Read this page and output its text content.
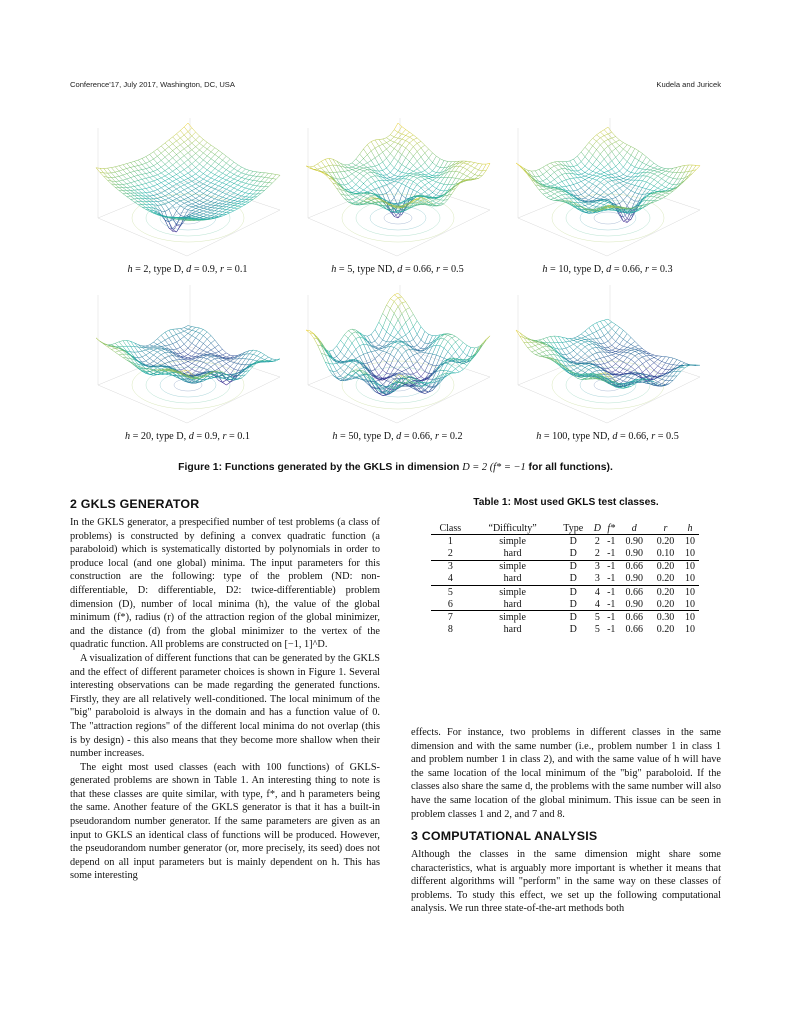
Conference'17, July 2017, Washington, DC, USA	Kudela and Juricek
h = 2, type D, d = 0.9, r = 0.1	h = 5, type ND, d = 0.66, r = 0.5	h = 10, type D, d = 0.66, r = 0.3
h = 20, type D, d = 0.9, r = 0.1	h = 50, type D, d = 0.66, r = 0.2	h = 100, type ND, d = 0.66, r = 0.5
Figure 1: Functions generated by the GKLS in dimension D = 2 (f* = −1 for all functions).
2 GKLS GENERATOR

In the GKLS generator, a prespecified number of test problems (a class of problems) is constructed by defining a convex quadratic function (a paraboloid) which is systematically distorted by polynomials in order to produce local (and one global) minima. The input parameters for this construction are the following: type of the problem (ND: non-differentiable, D: differentiable, D2: twice-differentiable) problem dimension (D), number of local minima (h), the value of the global minimum (f*), radius (r) of the attraction region of the global minimizer, and the distance (d) from the global minimizer to the vertex of the quadratic function. All problems are constructed on [−1, 1]^D.

A visualization of different functions that can be generated by the GKLS and the effect of different parameter choices is shown in Figure 1. Several interesting observations can be made regarding the generated functions. Firstly, they are all relatively well-conditioned. The local minimum of the "big" paraboloid is always in the domain and has a function value of 0. The "attraction regions" of the different local minima do not overlap (this is by design) - this also means that they become more shallow when their number increases.

The eight most used classes (each with 100 functions) of GKLS-generated problems are shown in Table 1. An interesting thing to note is that these classes are quite similar, with type, f*, and h parameters being the same. Another feature of the GKLS generator is that it has a built-in pseudorandom number generator. If the same parameters are given as an input to GKLS an identical class of functions will be produced. However, the pseudorandom number generator (or, more precisely, its seed) does not depend on all input parameters but is mainly dependent on h. This has some interesting

Table 1: Most used GKLS test classes.
Class	“Difficulty”	Type	D	f*	d	r	h
1	simple	D	2	-1	0.90	0.20	10
2	hard	D	2	-1	0.90	0.10	10
3	simple	D	3	-1	0.66	0.20	10
4	hard	D	3	-1	0.90	0.20	10
5	simple	D	4	-1	0.66	0.20	10
6	hard	D	4	-1	0.90	0.20	10
7	simple	D	5	-1	0.66	0.30	10
8	hard	D	5	-1	0.66	0.20	10

effects. For instance, two problems in different classes in the same dimension and with the same number (i.e., problem number 1 in class 1 and problem number 1 in class 2), and with the same value of h will have the same location of the local minimum of the "big" paraboloid. If the classes also share the same d, the problems with the same number will also have the same location of the global minimum. This issue can be seen in problem classes 1 and 2, and 7 and 8.

3 COMPUTATIONAL ANALYSIS

Although the classes in the same dimension might share some characteristics, what is arguably more important is whether it means that different algorithms will "perform" in the same way on these classes of problems. To study this effect, we set up the following computational analysis. We run three state-of-the-art methods both
